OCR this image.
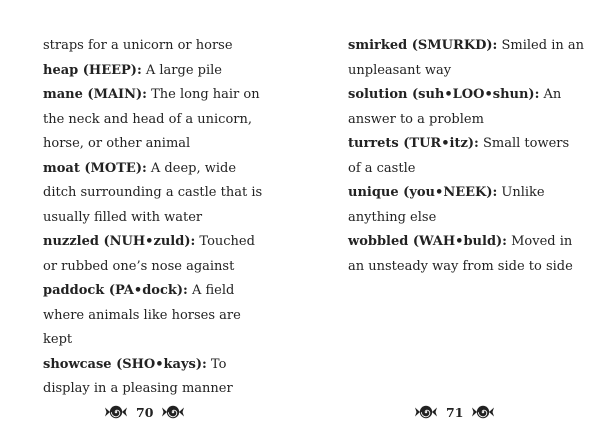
straps for a unicorn or horse

heap (HEEP): A large pile

mane (MAIN): The long hair on the neck and head of a unicorn, horse, or other animal

moat (MOTE): A deep, wide ditch surrounding a castle that is usually filled with water

nuzzled (NUH•zuld): Touched or rubbed one’s nose against

paddock (PA•dock): A field where animals like horses are kept

showcase (SHO•kays): To display in a pleasing manner

70

smirked (SMURKD): Smiled in an unpleasant way

solution (suh•LOO•shun): An answer to a problem

turrets (TUR•itz): Small towers of a castle

unique (you•NEEK): Unlike anything else

wobbled (WAH•buld): Moved in an unsteady way from side to side

71
